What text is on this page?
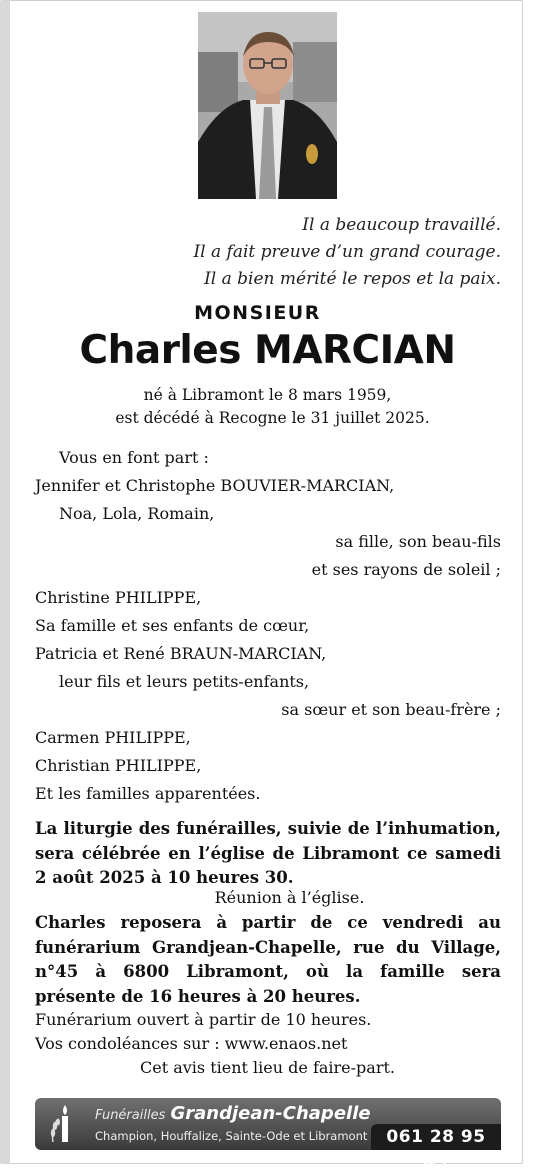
Il a beaucoup travaillé.
Il a fait preuve d’un grand courage.
Il a bien mérité le repos et la paix.
MONSIEUR
Charles MARCIAN
né à Libramont le 8 mars 1959,
est décédé à Recogne le 31 juillet 2025.
Vous en font part :
Jennifer et Christophe BOUVIER-MARCIAN,
Noa, Lola, Romain,
sa fille, son beau-fils
et ses rayons de soleil ;
Christine PHILIPPE,
Sa famille et ses enfants de cœur,
Patricia et René BRAUN-MARCIAN,
leur fils et leurs petits-enfants,
sa sœur et son beau-frère ;
Carmen PHILIPPE,
Christian PHILIPPE,
Et les familles apparentées.
La liturgie des funérailles, suivie de l’inhumation, sera célébrée en l’église de Libramont ce samedi 2 août 2025 à 10 heures 30.
Réunion à l’église.
Charles reposera à partir de ce vendredi au funérarium Grandjean-Chapelle, rue du Village, n°45 à 6800 Libramont, où la famille sera présente de 16 heures à 20 heures.
Funérarium ouvert à partir de 10 heures.
Vos condoléances sur : www.enaos.net
Cet avis tient lieu de faire-part.
Funérailles Grandjean-Chapelle
Champion, Houffalize, Sainte-Ode et Libramont	061 28 95 43
